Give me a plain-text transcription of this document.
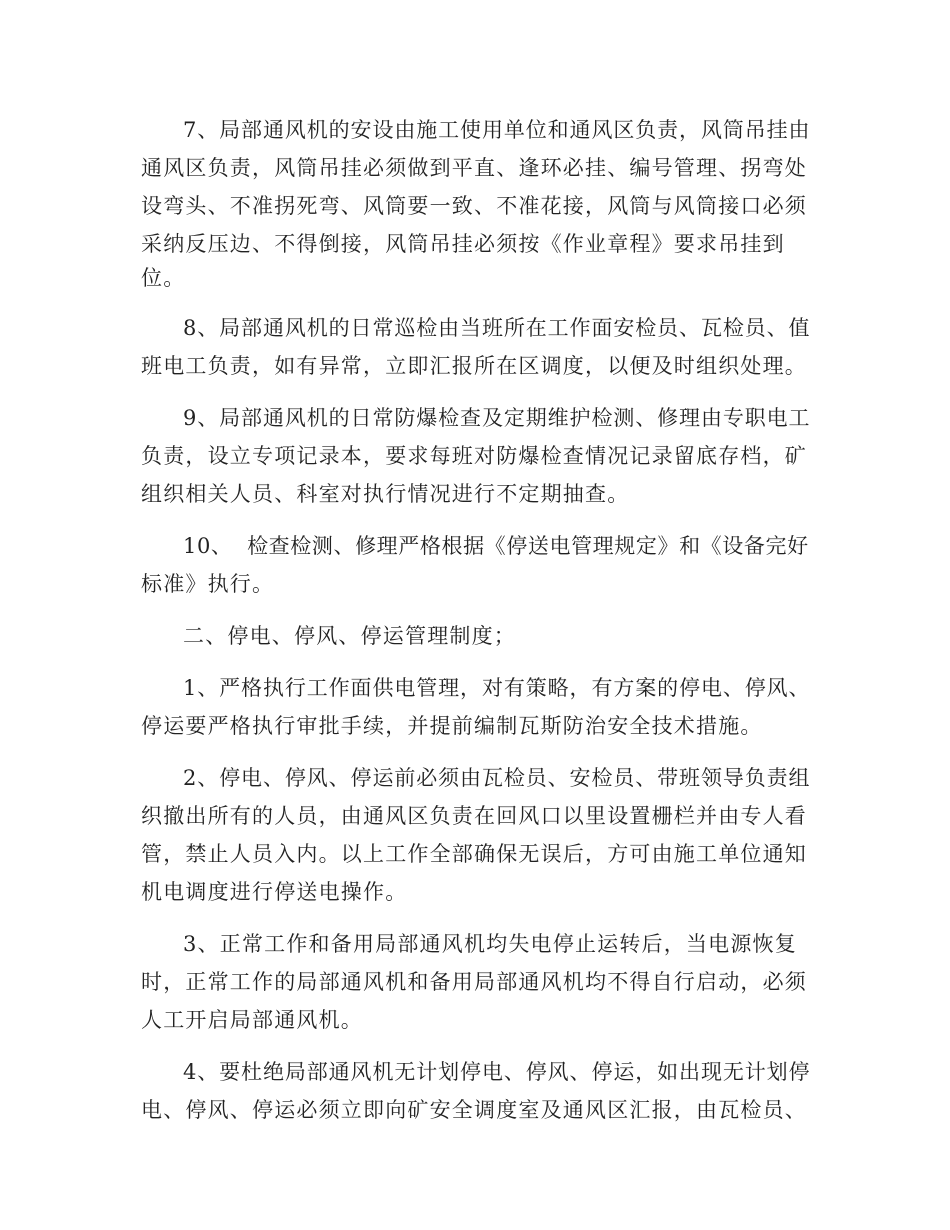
7、局部通风机的安设由施工使用单位和通风区负责，风筒吊挂由
通风区负责，风筒吊挂必须做到平直、逢环必挂、编号管理、拐弯处
设弯头、不准拐死弯、风筒要一致、不准花接，风筒与风筒接口必须
采纳反压边、不得倒接，风筒吊挂必须按《作业章程》要求吊挂到
位。
8、局部通风机的日常巡检由当班所在工作面安检员、瓦检员、值
班电工负责，如有异常，立即汇报所在区调度，以便及时组织处理。
9、局部通风机的日常防爆检查及定期维护检测、修理由专职电工
负责，设立专项记录本，要求每班对防爆检查情况记录留底存档，矿
组织相关人员、科室对执行情况进行不定期抽查。
10、  检查检测、修理严格根据《停送电管理规定》和《设备完好
标准》执行。
二、停电、停风、停运管理制度；
1、严格执行工作面供电管理，对有策略，有方案的停电、停风、
停运要严格执行审批手续，并提前编制瓦斯防治安全技术措施。
2、停电、停风、停运前必须由瓦检员、安检员、带班领导负责组
织撤出所有的人员，由通风区负责在回风口以里设置栅栏并由专人看
管，禁止人员入内。以上工作全部确保无误后，方可由施工单位通知
机电调度进行停送电操作。
3、正常工作和备用局部通风机均失电停止运转后，当电源恢复
时，正常工作的局部通风机和备用局部通风机均不得自行启动，必须
人工开启局部通风机。
4、要杜绝局部通风机无计划停电、停风、停运，如出现无计划停
电、停风、停运必须立即向矿安全调度室及通风区汇报，由瓦检员、
